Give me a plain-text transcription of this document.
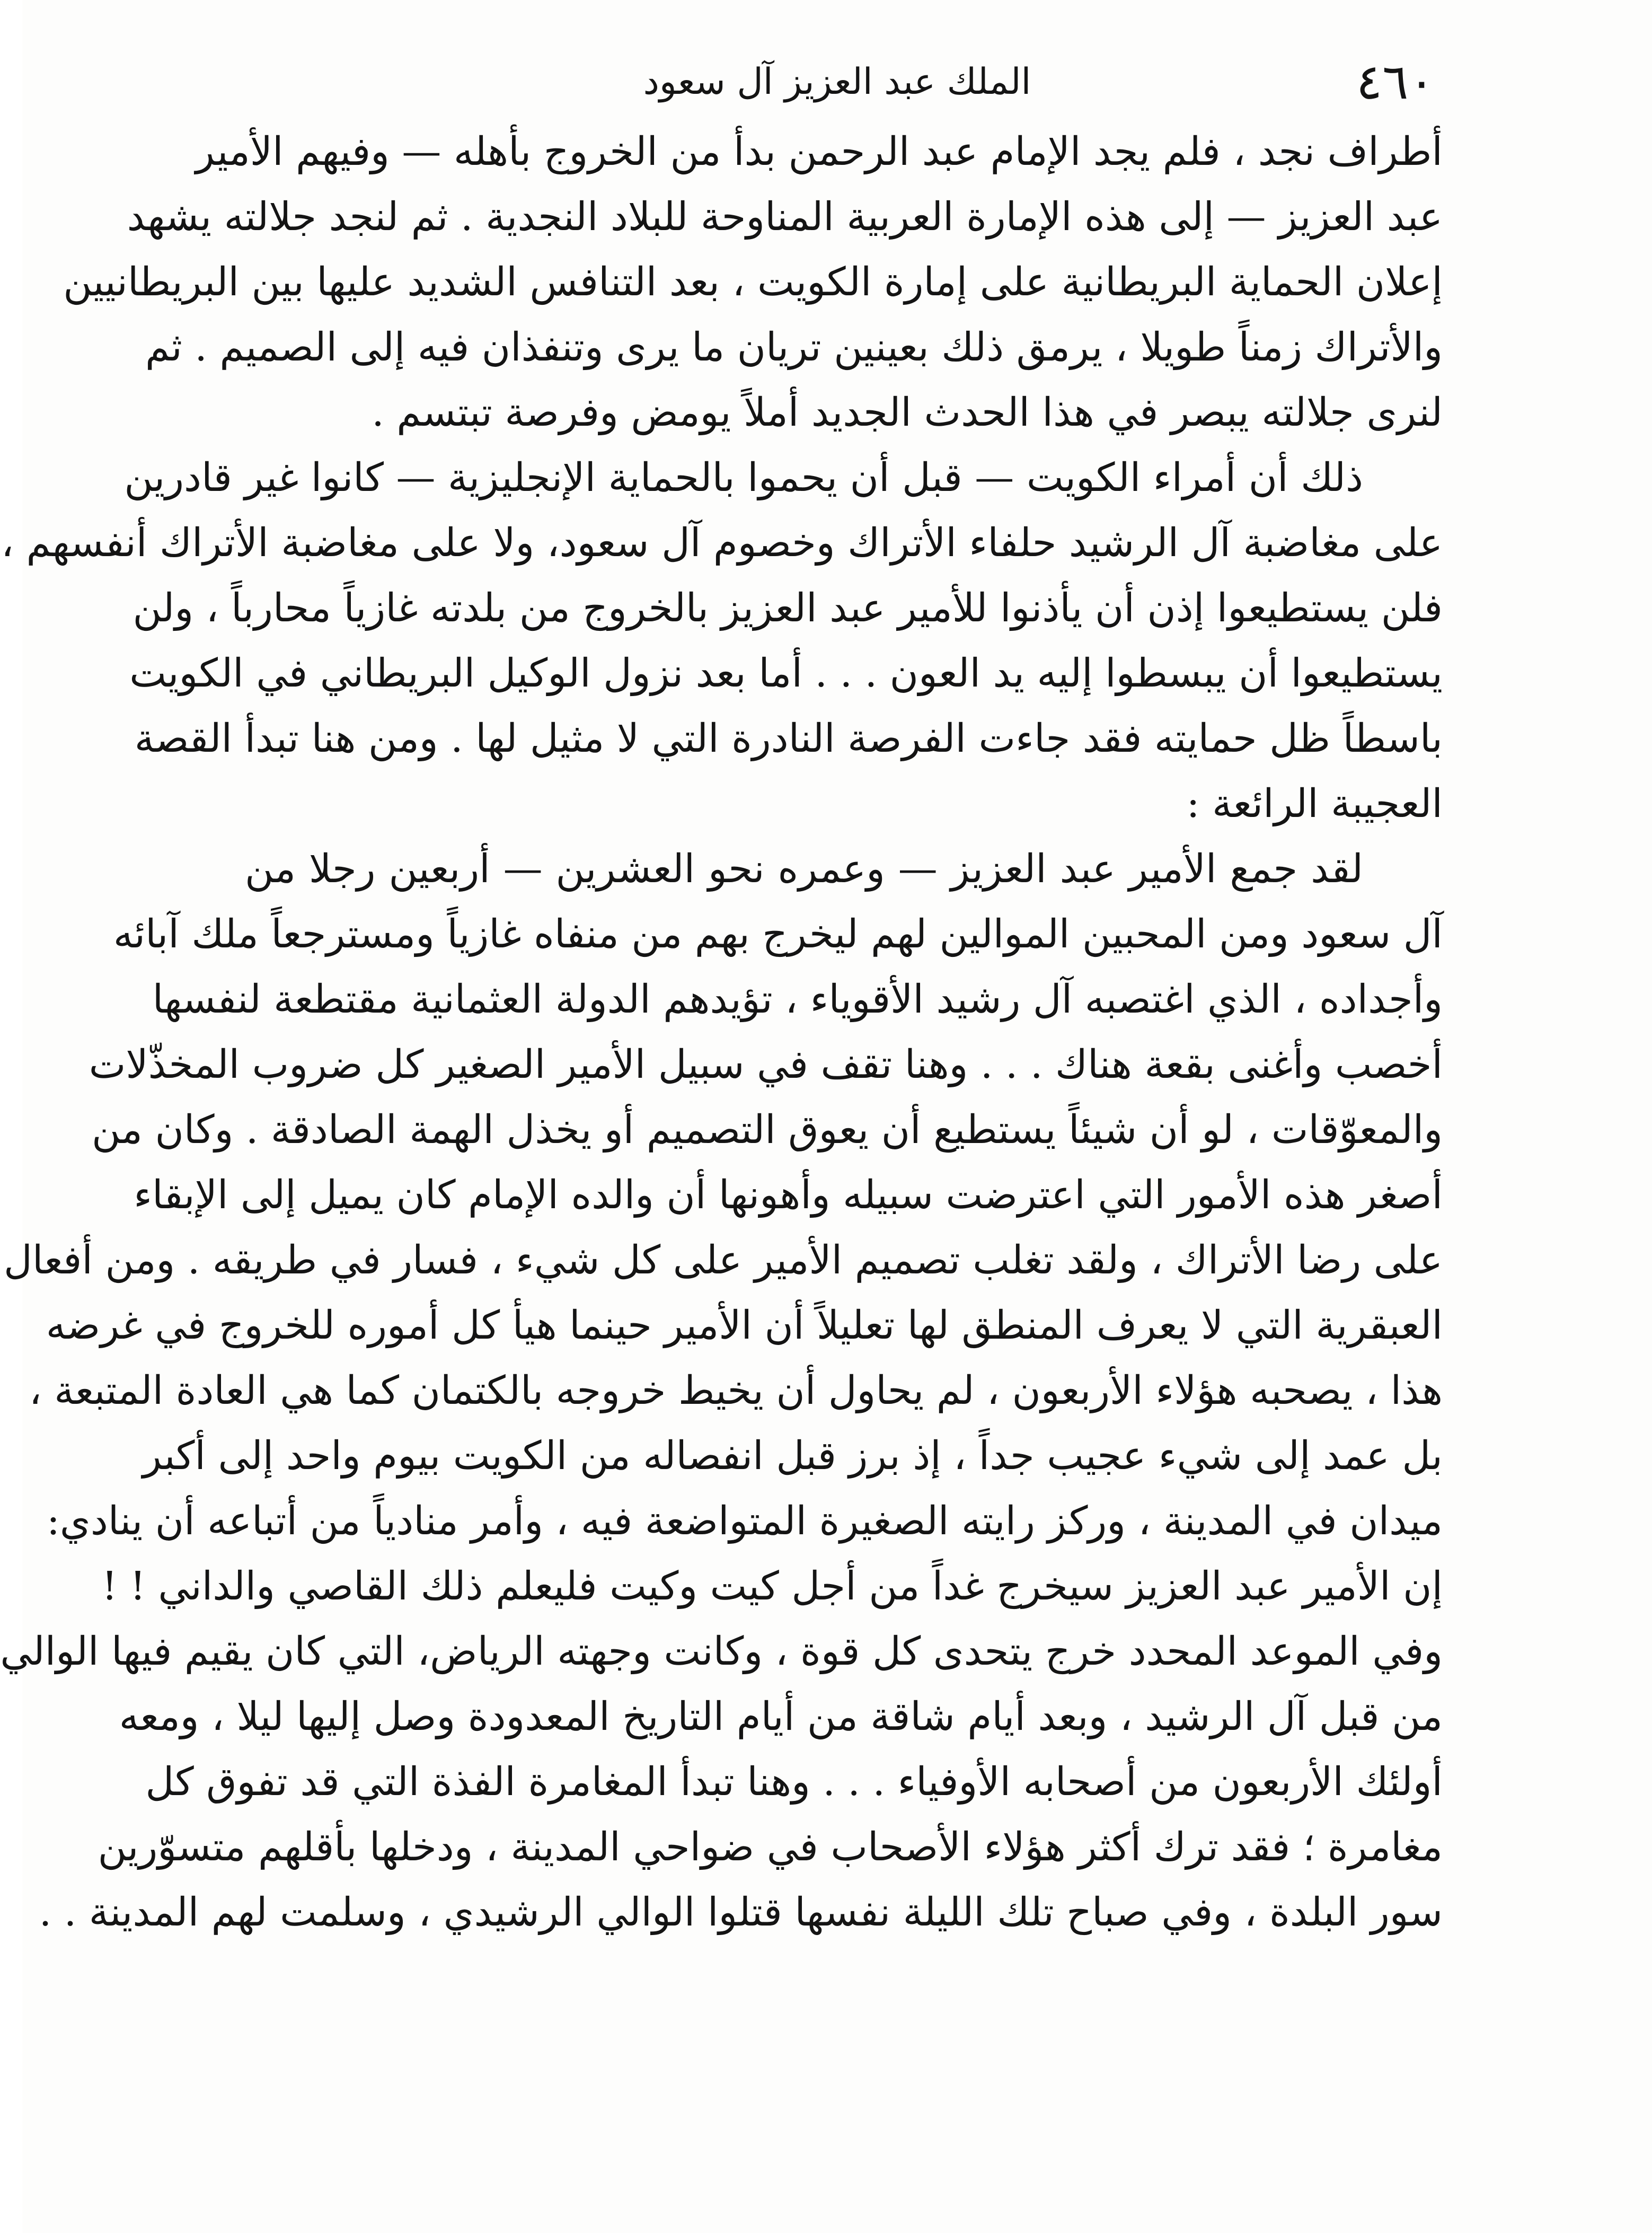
٤٦٠
الملك عبد العزيز آل سعود
أطراف نجد ، فلم يجد الإمام عبد الرحمن بدأ من الخروج بأهله — وفيهم الأمير
عبد العزيز — إلى هذه الإمارة العربية المناوحة للبلاد النجدية . ثم لنجد جلالته يشهد
إعلان الحماية البريطانية على إمارة الكويت ، بعد التنافس الشديد عليها بين البريطانيين
والأتراك زمناً طويلا ، يرمق ذلك بعينين تريان ما يرى وتنفذان فيه إلى الصميم . ثم
لنرى جلالته يبصر في هذا الحدث الجديد أملاً يومض وفرصة تبتسم .
ذلك أن أمراء الكويت — قبل أن يحموا بالحماية الإنجليزية — كانوا غير قادرين
على مغاضبة آل الرشيد حلفاء الأتراك وخصوم آل سعود، ولا على مغاضبة الأتراك أنفسهم ،
فلن يستطيعوا إذن أن يأذنوا للأمير عبد العزيز بالخروج من بلدته غازياً محارباً ، ولن
يستطيعوا أن يبسطوا إليه يد العون . . . أما بعد نزول الوكيل البريطاني في الكويت
باسطاً ظل حمايته فقد جاءت الفرصة النادرة التي لا مثيل لها . ومن هنا تبدأ القصة
العجيبة الرائعة :
لقد جمع الأمير عبد العزيز — وعمره نحو العشرين — أربعين رجلا من
آل سعود ومن المحبين الموالين لهم ليخرج بهم من منفاه غازياً ومسترجعاً ملك آبائه
وأجداده ، الذي اغتصبه آل رشيد الأقوياء ، تؤيدهم الدولة العثمانية مقتطعة لنفسها
أخصب وأغنى بقعة هناك . . . وهنا تقف في سبيل الأمير الصغير كل ضروب المخذّلات
والمعوّقات ، لو أن شيئاً يستطيع أن يعوق التصميم أو يخذل الهمة الصادقة . وكان من
أصغر هذه الأمور التي اعترضت سبيله وأهونها أن والده الإمام كان يميل إلى الإبقاء
على رضا الأتراك ، ولقد تغلب تصميم الأمير على كل شيء ، فسار في طريقه . ومن أفعال
العبقرية التي لا يعرف المنطق لها تعليلاً أن الأمير حينما هيأ كل أموره للخروج في غرضه
هذا ، يصحبه هؤلاء الأربعون ، لم يحاول أن يخيط خروجه بالكتمان كما هي العادة المتبعة ،
بل عمد إلى شيء عجيب جداً ، إذ برز قبل انفصاله من الكويت بيوم واحد إلى أكبر
ميدان في المدينة ، وركز رايته الصغيرة المتواضعة فيه ، وأمر منادياً من أتباعه أن ينادي:
إن الأمير عبد العزيز سيخرج غداً من أجل كيت وكيت فليعلم ذلك القاصي والداني ! !
وفي الموعد المحدد خرج يتحدى كل قوة ، وكانت وجهته الرياض، التي كان يقيم فيها الوالي
من قبل آل الرشيد ، وبعد أيام شاقة من أيام التاريخ المعدودة وصل إليها ليلا ، ومعه
أولئك الأربعون من أصحابه الأوفياء . . . وهنا تبدأ المغامرة الفذة التي قد تفوق كل
مغامرة ؛ فقد ترك أكثر هؤلاء الأصحاب في ضواحي المدينة ، ودخلها بأقلهم متسوّرين
سور البلدة ، وفي صباح تلك الليلة نفسها قتلوا الوالي الرشيدي ، وسلمت لهم المدينة . .
